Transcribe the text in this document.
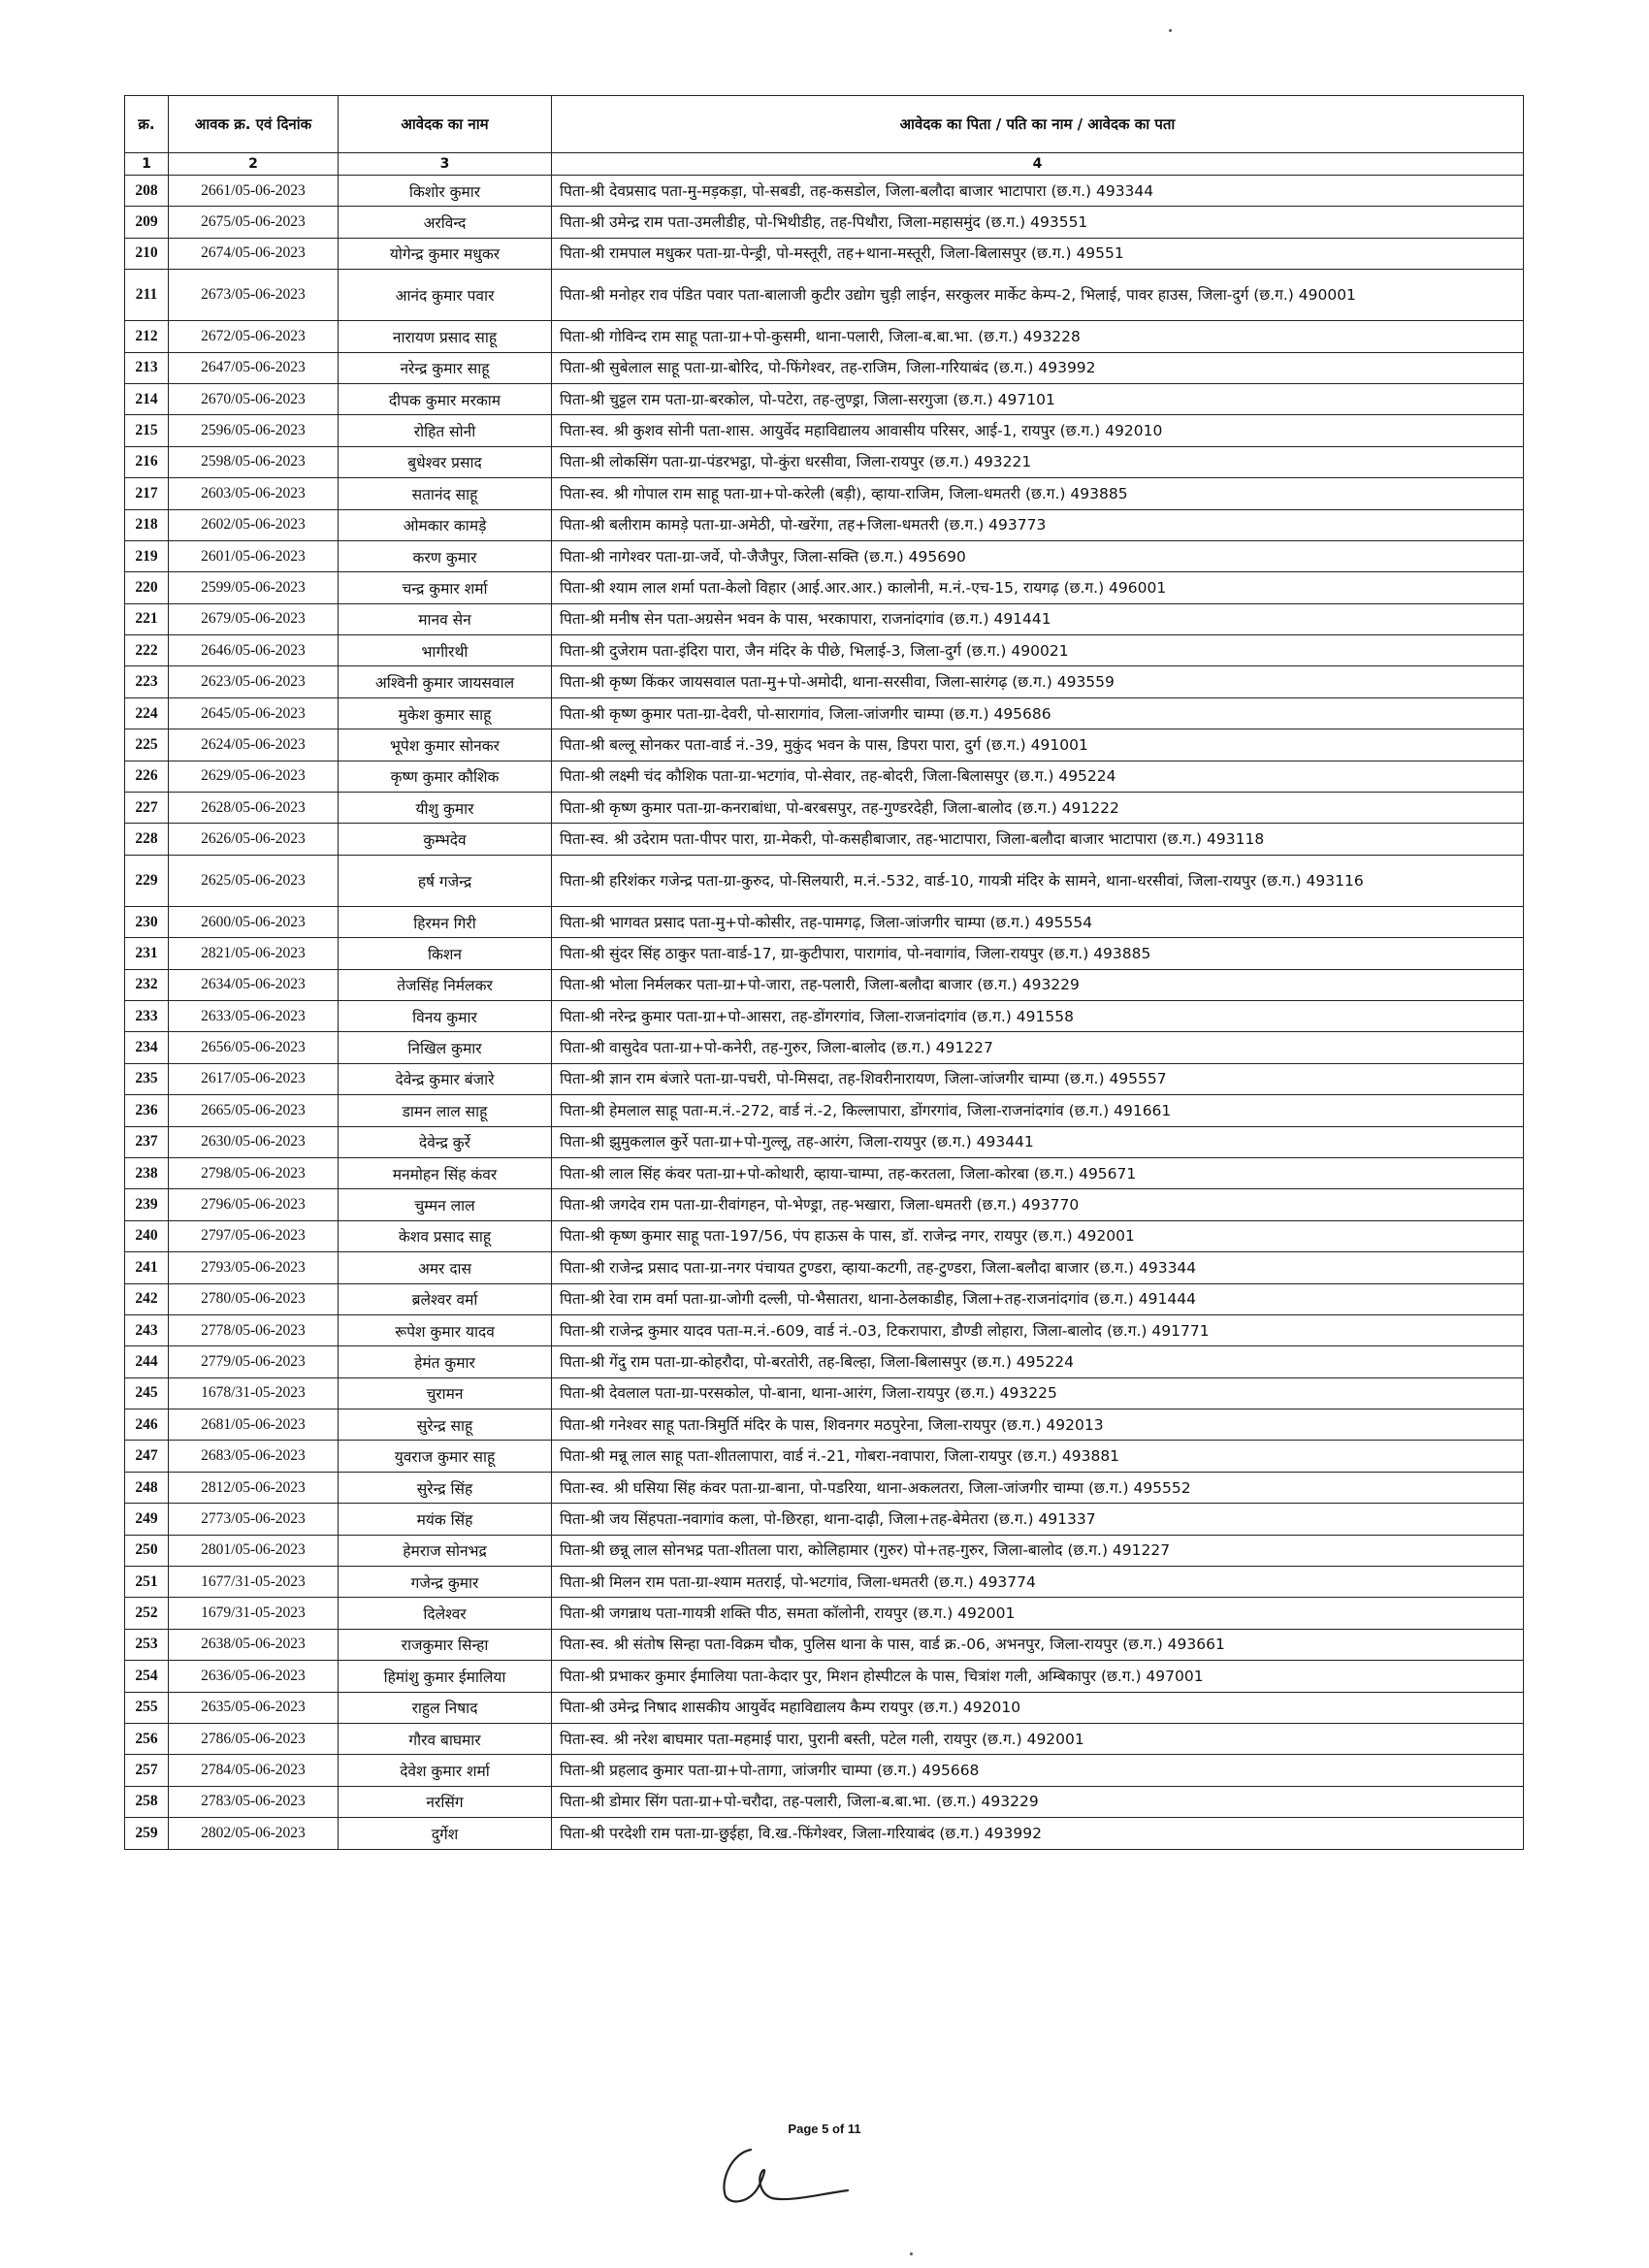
क्र.	आवक क्र. एवं दिनांक	आवेदक का नाम	आवेदक का पिता / पति का नाम / आवेदक का पता
1	2	3	4
208	2661/05-06-2023	किशोर कुमार	पिता-श्री देवप्रसाद पता-मु-मड़कड़ा, पो-सबडी, तह-कसडोल, जिला-बलौदा बाजार भाटापारा (छ.ग.) 493344
209	2675/05-06-2023	अरविन्द	पिता-श्री उमेन्द्र राम पता-उमलीडीह, पो-भिथीडीह, तह-पिथौरा, जिला-महासमुंद (छ.ग.) 493551
210	2674/05-06-2023	योगेन्द्र कुमार मधुकर	पिता-श्री रामपाल मधुकर पता-ग्रा-पेन्ड्री, पो-मस्तूरी, तह+थाना-मस्तूरी, जिला-बिलासपुर (छ.ग.) 49551
211	2673/05-06-2023	आनंद कुमार पवार	पिता-श्री मनोहर राव पंडित पवार पता-बालाजी कुटीर उद्योग चुड़ी लाईन, सरकुलर मार्केट केम्प-2, भिलाई, पावर हाउस, जिला-दुर्ग (छ.ग.) 490001
212	2672/05-06-2023	नारायण प्रसाद साहू	पिता-श्री गोविन्द राम साहू पता-ग्रा+पो-कुसमी, थाना-पलारी, जिला-ब.बा.भा. (छ.ग.) 493228
213	2647/05-06-2023	नरेन्द्र कुमार साहू	पिता-श्री सुबेलाल साहू पता-ग्रा-बोरिद, पो-फिंगेश्वर, तह-राजिम, जिला-गरियाबंद (छ.ग.) 493992
214	2670/05-06-2023	दीपक कुमार मरकाम	पिता-श्री चुट्टल राम पता-ग्रा-बरकोल, पो-पटेरा, तह-लुण्ड्रा, जिला-सरगुजा (छ.ग.) 497101
215	2596/05-06-2023	रोहित सोनी	पिता-स्व. श्री कुशव सोनी पता-शास. आयुर्वेद महाविद्यालय आवासीय परिसर, आई-1, रायपुर (छ.ग.) 492010
216	2598/05-06-2023	बुधेश्वर प्रसाद	पिता-श्री लोकसिंग पता-ग्रा-पंडरभट्ठा, पो-कुंरा धरसीवा, जिला-रायपुर (छ.ग.) 493221
217	2603/05-06-2023	सतानंद साहू	पिता-स्व. श्री गोपाल राम साहू पता-ग्रा+पो-करेली (बड़ी), व्हाया-राजिम, जिला-धमतरी (छ.ग.) 493885
218	2602/05-06-2023	ओमकार कामड़े	पिता-श्री बलीराम कामड़े पता-ग्रा-अमेठी, पो-खरेंगा, तह+जिला-धमतरी (छ.ग.) 493773
219	2601/05-06-2023	करण कुमार	पिता-श्री नागेश्वर पता-ग्रा-जर्वे, पो-जैजैपुर, जिला-सक्ति (छ.ग.) 495690
220	2599/05-06-2023	चन्द्र कुमार शर्मा	पिता-श्री श्याम लाल शर्मा पता-केलो विहार (आई.आर.आर.) कालोनी, म.नं.-एच-15, रायगढ़ (छ.ग.) 496001
221	2679/05-06-2023	मानव सेन	पिता-श्री मनीष सेन पता-अग्रसेन भवन के पास, भरकापारा, राजनांदगांव (छ.ग.) 491441
222	2646/05-06-2023	भागीरथी	पिता-श्री दुजेराम पता-इंदिरा पारा, जैन मंदिर के पीछे, भिलाई-3, जिला-दुर्ग (छ.ग.) 490021
223	2623/05-06-2023	अश्विनी कुमार जायसवाल	पिता-श्री कृष्ण किंकर जायसवाल पता-मु+पो-अमोदी, थाना-सरसीवा, जिला-सारंगढ़ (छ.ग.) 493559
224	2645/05-06-2023	मुकेश कुमार साहू	पिता-श्री कृष्ण कुमार पता-ग्रा-देवरी, पो-सारागांव, जिला-जांजगीर चाम्पा (छ.ग.) 495686
225	2624/05-06-2023	भूपेश कुमार सोनकर	पिता-श्री बल्लू सोनकर पता-वार्ड नं.-39, मुकुंद भवन के पास, डिपरा पारा, दुर्ग (छ.ग.) 491001
226	2629/05-06-2023	कृष्ण कुमार कौशिक	पिता-श्री लक्ष्मी चंद कौशिक पता-ग्रा-भटगांव, पो-सेवार, तह-बोदरी, जिला-बिलासपुर (छ.ग.) 495224
227	2628/05-06-2023	यीशु कुमार	पिता-श्री कृष्ण कुमार पता-ग्रा-कनराबांधा, पो-बरबसपुर, तह-गुण्डरदेही, जिला-बालोद (छ.ग.) 491222
228	2626/05-06-2023	कुम्भदेव	पिता-स्व. श्री उदेराम पता-पीपर पारा, ग्रा-मेकरी, पो-कसहीबाजार, तह-भाटापारा, जिला-बलौदा बाजार भाटापारा (छ.ग.) 493118
229	2625/05-06-2023	हर्ष गजेन्द्र	पिता-श्री हरिशंकर गजेन्द्र पता-ग्रा-कुरुद, पो-सिलयारी, म.नं.-532, वार्ड-10, गायत्री मंदिर के सामने, थाना-धरसीवां, जिला-रायपुर (छ.ग.) 493116
230	2600/05-06-2023	हिरमन गिरी	पिता-श्री भागवत प्रसाद पता-मु+पो-कोसीर, तह-पामगढ़, जिला-जांजगीर चाम्पा (छ.ग.) 495554
231	2821/05-06-2023	किशन	पिता-श्री सुंदर सिंह ठाकुर पता-वार्ड-17, ग्रा-कुटीपारा, पारागांव, पो-नवागांव, जिला-रायपुर (छ.ग.) 493885
232	2634/05-06-2023	तेजसिंह निर्मलकर	पिता-श्री भोला निर्मलकर पता-ग्रा+पो-जारा, तह-पलारी, जिला-बलौदा बाजार (छ.ग.) 493229
233	2633/05-06-2023	विनय कुमार	पिता-श्री नरेन्द्र कुमार पता-ग्रा+पो-आसरा, तह-डोंगरगांव, जिला-राजनांदगांव (छ.ग.) 491558
234	2656/05-06-2023	निखिल कुमार	पिता-श्री वासुदेव पता-ग्रा+पो-कनेरी, तह-गुरुर, जिला-बालोद (छ.ग.) 491227
235	2617/05-06-2023	देवेन्द्र कुमार बंजारे	पिता-श्री ज्ञान राम बंजारे पता-ग्रा-पचरी, पो-मिसदा, तह-शिवरीनारायण, जिला-जांजगीर चाम्पा (छ.ग.) 495557
236	2665/05-06-2023	डामन लाल साहू	पिता-श्री हेमलाल साहू पता-म.नं.-272, वार्ड नं.-2, किल्लापारा, डोंगरगांव, जिला-राजनांदगांव (छ.ग.) 491661
237	2630/05-06-2023	देवेन्द्र कुर्रे	पिता-श्री झुमुकलाल कुर्रे पता-ग्रा+पो-गुल्लू, तह-आरंग, जिला-रायपुर (छ.ग.) 493441
238	2798/05-06-2023	मनमोहन सिंह कंवर	पिता-श्री लाल सिंह कंवर पता-ग्रा+पो-कोथारी, व्हाया-चाम्पा, तह-करतला, जिला-कोरबा (छ.ग.) 495671
239	2796/05-06-2023	चुम्मन लाल	पिता-श्री जगदेव राम पता-ग्रा-रीवांगहन, पो-भेण्ड्रा, तह-भखारा, जिला-धमतरी (छ.ग.) 493770
240	2797/05-06-2023	केशव प्रसाद साहू	पिता-श्री कृष्ण कुमार साहू पता-197/56, पंप हाऊस के पास, डॉ. राजेन्द्र नगर, रायपुर (छ.ग.) 492001
241	2793/05-06-2023	अमर दास	पिता-श्री राजेन्द्र प्रसाद पता-ग्रा-नगर पंचायत टुण्डरा, व्हाया-कटगी, तह-टुण्डरा, जिला-बलौदा बाजार (छ.ग.) 493344
242	2780/05-06-2023	ब्रलेश्वर वर्मा	पिता-श्री रेवा राम वर्मा पता-ग्रा-जोगी दल्ली, पो-भैसातरा, थाना-ठेलकाडीह, जिला+तह-राजनांदगांव (छ.ग.) 491444
243	2778/05-06-2023	रूपेश कुमार यादव	पिता-श्री राजेन्द्र कुमार यादव पता-म.नं.-609, वार्ड नं.-03, टिकरापारा, डौण्डी लोहारा, जिला-बालोद (छ.ग.) 491771
244	2779/05-06-2023	हेमंत कुमार	पिता-श्री गेंदु राम पता-ग्रा-कोहरौदा, पो-बरतोरी, तह-बिल्हा, जिला-बिलासपुर (छ.ग.) 495224
245	1678/31-05-2023	चुरामन	पिता-श्री देवलाल पता-ग्रा-परसकोल, पो-बाना, थाना-आरंग, जिला-रायपुर (छ.ग.) 493225
246	2681/05-06-2023	सुरेन्द्र साहू	पिता-श्री गनेश्वर साहू पता-त्रिमुर्ति मंदिर के पास, शिवनगर मठपुरेना, जिला-रायपुर (छ.ग.) 492013
247	2683/05-06-2023	युवराज कुमार साहू	पिता-श्री मन्नू लाल साहू पता-शीतलापारा, वार्ड नं.-21, गोबरा-नवापारा, जिला-रायपुर (छ.ग.) 493881
248	2812/05-06-2023	सुरेन्द्र सिंह	पिता-स्व. श्री घसिया सिंह कंवर पता-ग्रा-बाना, पो-पडरिया, थाना-अकलतरा, जिला-जांजगीर चाम्पा (छ.ग.) 495552
249	2773/05-06-2023	मयंक सिंह	पिता-श्री जय सिंहपता-नवागांव कला, पो-छिरहा, थाना-दाढ़ी, जिला+तह-बेमेतरा (छ.ग.) 491337
250	2801/05-06-2023	हेमराज सोनभद्र	पिता-श्री छन्नू लाल सोनभद्र पता-शीतला पारा, कोलिहामार (गुरुर) पो+तह-गुरुर, जिला-बालोद (छ.ग.) 491227
251	1677/31-05-2023	गजेन्द्र कुमार	पिता-श्री मिलन राम पता-ग्रा-श्याम मतराई, पो-भटगांव, जिला-धमतरी (छ.ग.) 493774
252	1679/31-05-2023	दिलेश्वर	पिता-श्री जगन्नाथ पता-गायत्री शक्ति पीठ, समता कॉलोनी, रायपुर (छ.ग.) 492001
253	2638/05-06-2023	राजकुमार सिन्हा	पिता-स्व. श्री संतोष सिन्हा पता-विक्रम चौक, पुलिस थाना के पास, वार्ड क्र.-06, अभनपुर, जिला-रायपुर (छ.ग.) 493661
254	2636/05-06-2023	हिमांशु कुमार ईमालिया	पिता-श्री प्रभाकर कुमार ईमालिया पता-केदार पुर, मिशन होस्पीटल के पास, चित्रांश गली, अम्बिकापुर (छ.ग.) 497001
255	2635/05-06-2023	राहुल निषाद	पिता-श्री उमेन्द्र निषाद शासकीय आयुर्वेद महाविद्यालय कैम्प रायपुर (छ.ग.) 492010
256	2786/05-06-2023	गौरव बाघमार	पिता-स्व. श्री नरेश बाघमार पता-महमाई पारा, पुरानी बस्ती, पटेल गली, रायपुर (छ.ग.) 492001
257	2784/05-06-2023	देवेश कुमार शर्मा	पिता-श्री प्रहलाद कुमार पता-ग्रा+पो-तागा, जांजगीर चाम्पा (छ.ग.) 495668
258	2783/05-06-2023	नरसिंग	पिता-श्री डोमार सिंग पता-ग्रा+पो-चरौदा, तह-पलारी, जिला-ब.बा.भा. (छ.ग.) 493229
259	2802/05-06-2023	दुर्गेश	पिता-श्री परदेशी राम पता-ग्रा-छुईहा, वि.ख.-फिंगेश्वर, जिला-गरियाबंद (छ.ग.) 493992
Page 5 of 11
